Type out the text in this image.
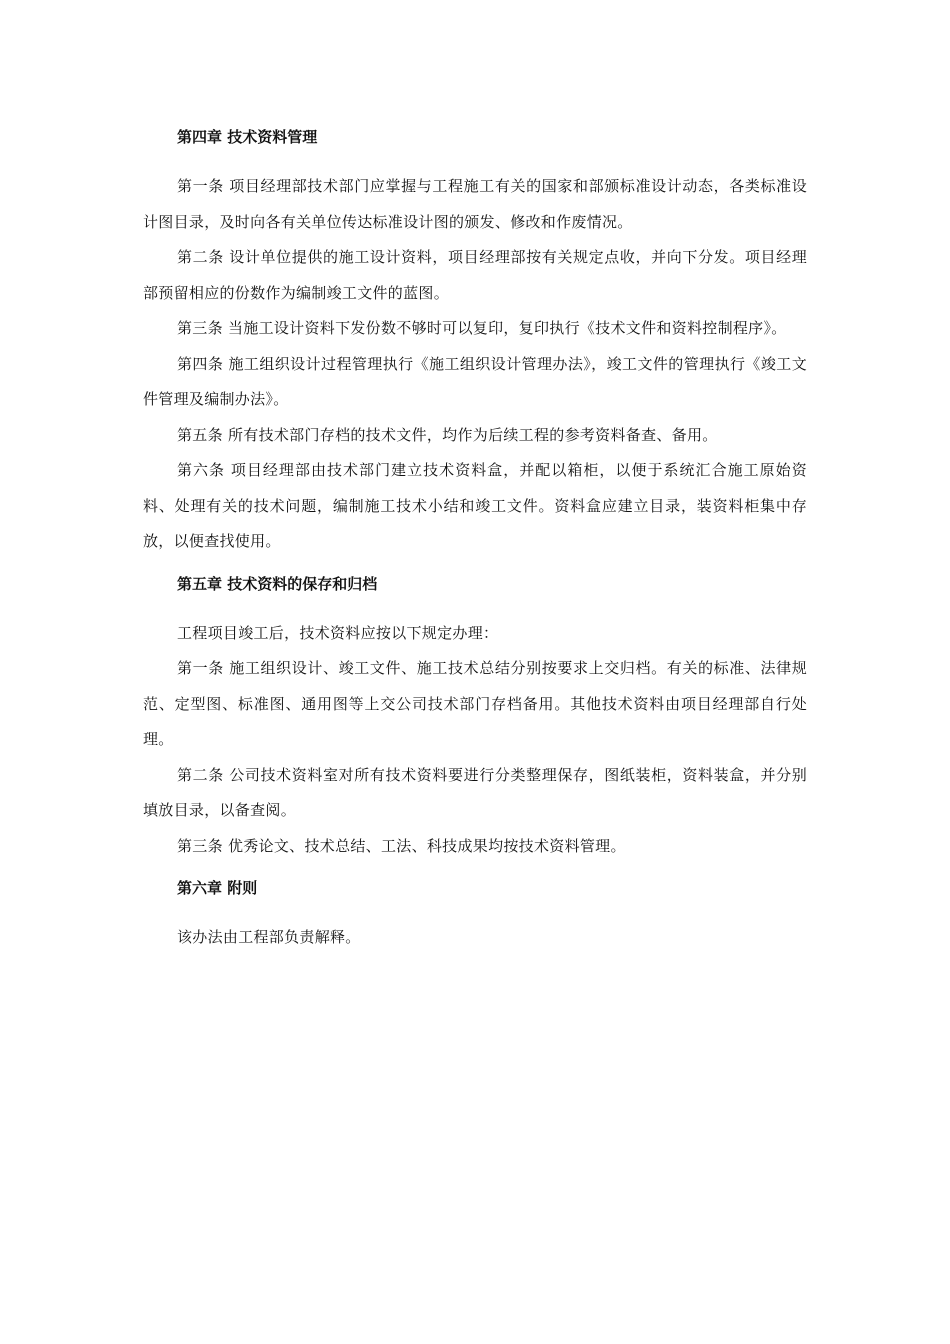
第四章 技术资料管理

第一条 项目经理部技术部门应掌握与工程施工有关的国家和部颁标准设计动态，各类标准设计图目录，及时向各有关单位传达标准设计图的颁发、修改和作废情况。

第二条 设计单位提供的施工设计资料，项目经理部按有关规定点收，并向下分发。项目经理部预留相应的份数作为编制竣工文件的蓝图。

第三条 当施工设计资料下发份数不够时可以复印，复印执行《技术文件和资料控制程序》。

第四条 施工组织设计过程管理执行《施工组织设计管理办法》，竣工文件的管理执行《竣工文件管理及编制办法》。

第五条 所有技术部门存档的技术文件，均作为后续工程的参考资料备查、备用。

第六条 项目经理部由技术部门建立技术资料盒，并配以箱柜，以便于系统汇合施工原始资料、处理有关的技术问题，编制施工技术小结和竣工文件。资料盒应建立目录，装资料柜集中存放，以便查找使用。

第五章 技术资料的保存和归档

工程项目竣工后，技术资料应按以下规定办理：

第一条 施工组织设计、竣工文件、施工技术总结分别按要求上交归档。有关的标准、法律规范、定型图、标准图、通用图等上交公司技术部门存档备用。其他技术资料由项目经理部自行处理。

第二条 公司技术资料室对所有技术资料要进行分类整理保存，图纸装柜，资料装盒，并分别填放目录，以备查阅。

第三条 优秀论文、技术总结、工法、科技成果均按技术资料管理。

第六章 附则

该办法由工程部负责解释。
